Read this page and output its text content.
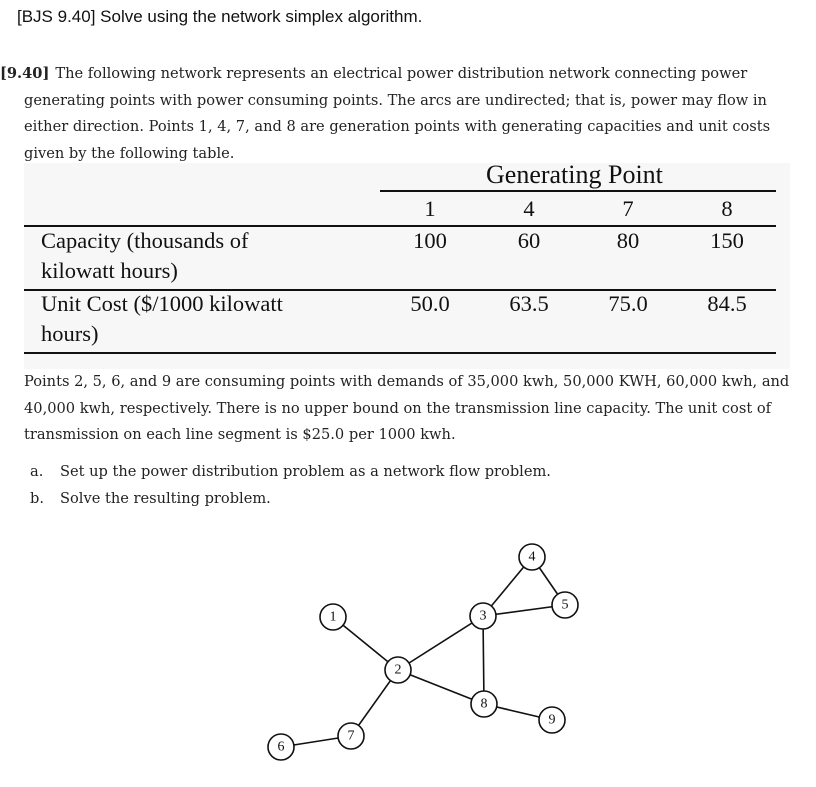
[BJS 9.40] Solve using the network simplex algorithm.
[9.40] The following network represents an electrical power distribution network connecting power
generating points with power consuming points. The arcs are undirected; that is, power may flow in
either direction. Points 1, 4, 7, and 8 are generation points with generating capacities and unit costs
given by the following table.
Generating Point
1	4	7	8
Capacity (thousands of
kilowatt hours)
100	60	80	150
Unit Cost ($/1000 kilowatt
hours)
50.0	63.5	75.0	84.5
Points 2, 5, 6, and 9 are consuming points with demands of 35,000 kwh, 50,000 KWH, 60,000 kwh, and
40,000 kwh, respectively. There is no upper bound on the transmission line capacity. The unit cost of
transmission on each line segment is $25.0 per 1000 kwh.
a. Set up the power distribution problem as a network flow problem.
b. Solve the resulting problem.
1
2
3
4
5
6
7
8
9
